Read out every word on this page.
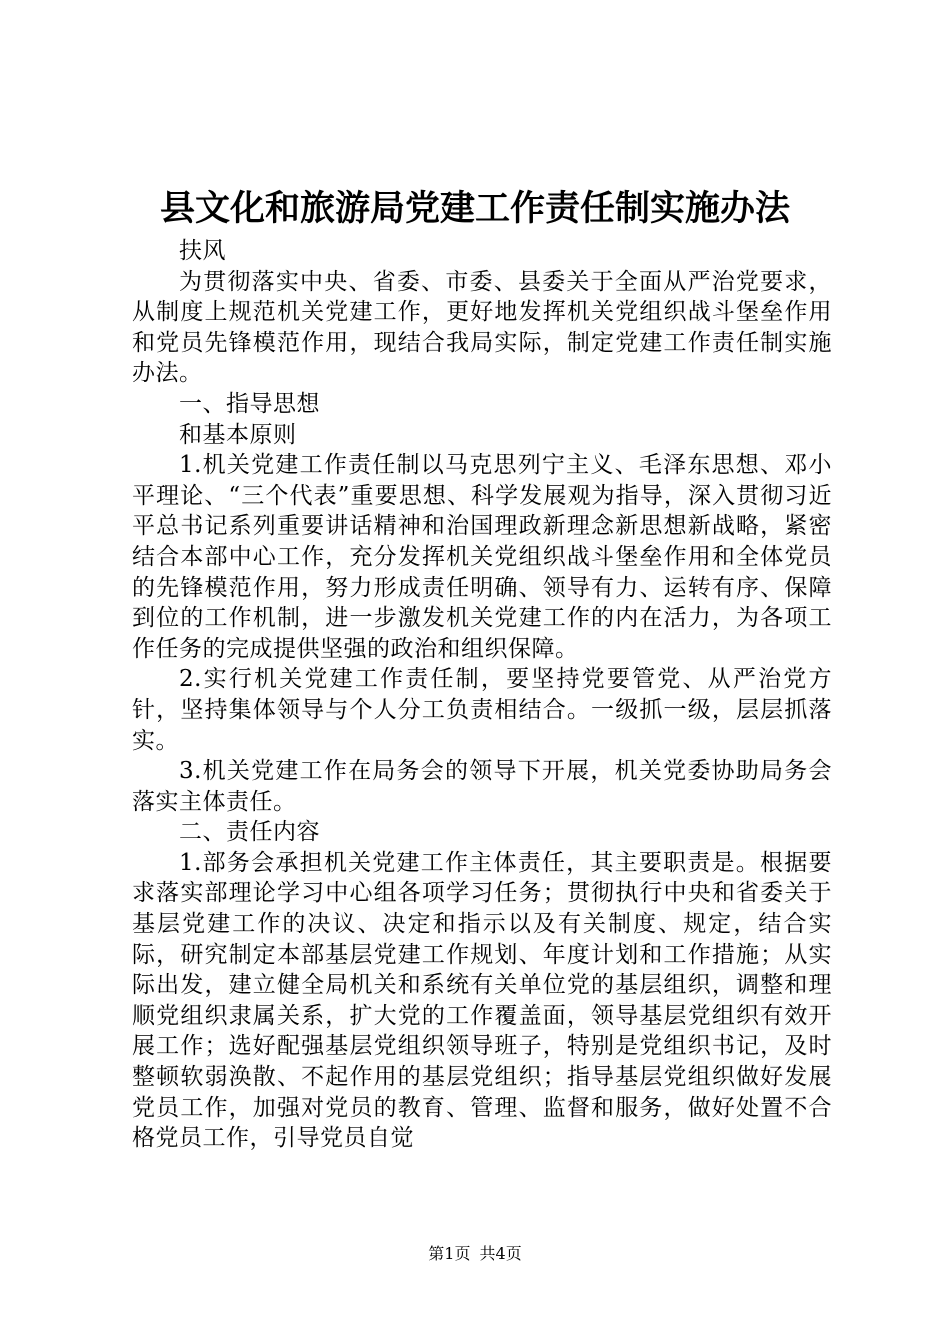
县文化和旅游局党建工作责任制实施办法

扶风

为贯彻落实中央、省委、市委、县委关于全面从严治党要求，从制度上规范机关党建工作，更好地发挥机关党组织战斗堡垒作用和党员先锋模范作用，现结合我局实际，制定党建工作责任制实施办法。

一、指导思想

和基本原则

1.机关党建工作责任制以马克思列宁主义、毛泽东思想、邓小平理论、“三个代表”重要思想、科学发展观为指导，深入贯彻习近平总书记系列重要讲话精神和治国理政新理念新思想新战略，紧密结合本部中心工作，充分发挥机关党组织战斗堡垒作用和全体党员的先锋模范作用，努力形成责任明确、领导有力、运转有序、保障到位的工作机制，进一步激发机关党建工作的内在活力，为各项工作任务的完成提供坚强的政治和组织保障。

2.实行机关党建工作责任制，要坚持党要管党、从严治党方针，坚持集体领导与个人分工负责相结合。一级抓一级，层层抓落实。

3.机关党建工作在局务会的领导下开展，机关党委协助局务会落实主体责任。

二、责任内容

1.部务会承担机关党建工作主体责任，其主要职责是。根据要求落实部理论学习中心组各项学习任务；贯彻执行中央和省委关于基层党建工作的决议、决定和指示以及有关制度、规定，结合实际，研究制定本部基层党建工作规划、年度计划和工作措施；从实际出发，建立健全局机关和系统有关单位党的基层组织，调整和理顺党组织隶属关系，扩大党的工作覆盖面，领导基层党组织有效开展工作；选好配强基层党组织领导班子，特别是党组织书记，及时整顿软弱涣散、不起作用的基层党组织；指导基层党组织做好发展党员工作，加强对党员的教育、管理、监督和服务，做好处置不合格党员工作，引导党员自觉

第1页 共4页
